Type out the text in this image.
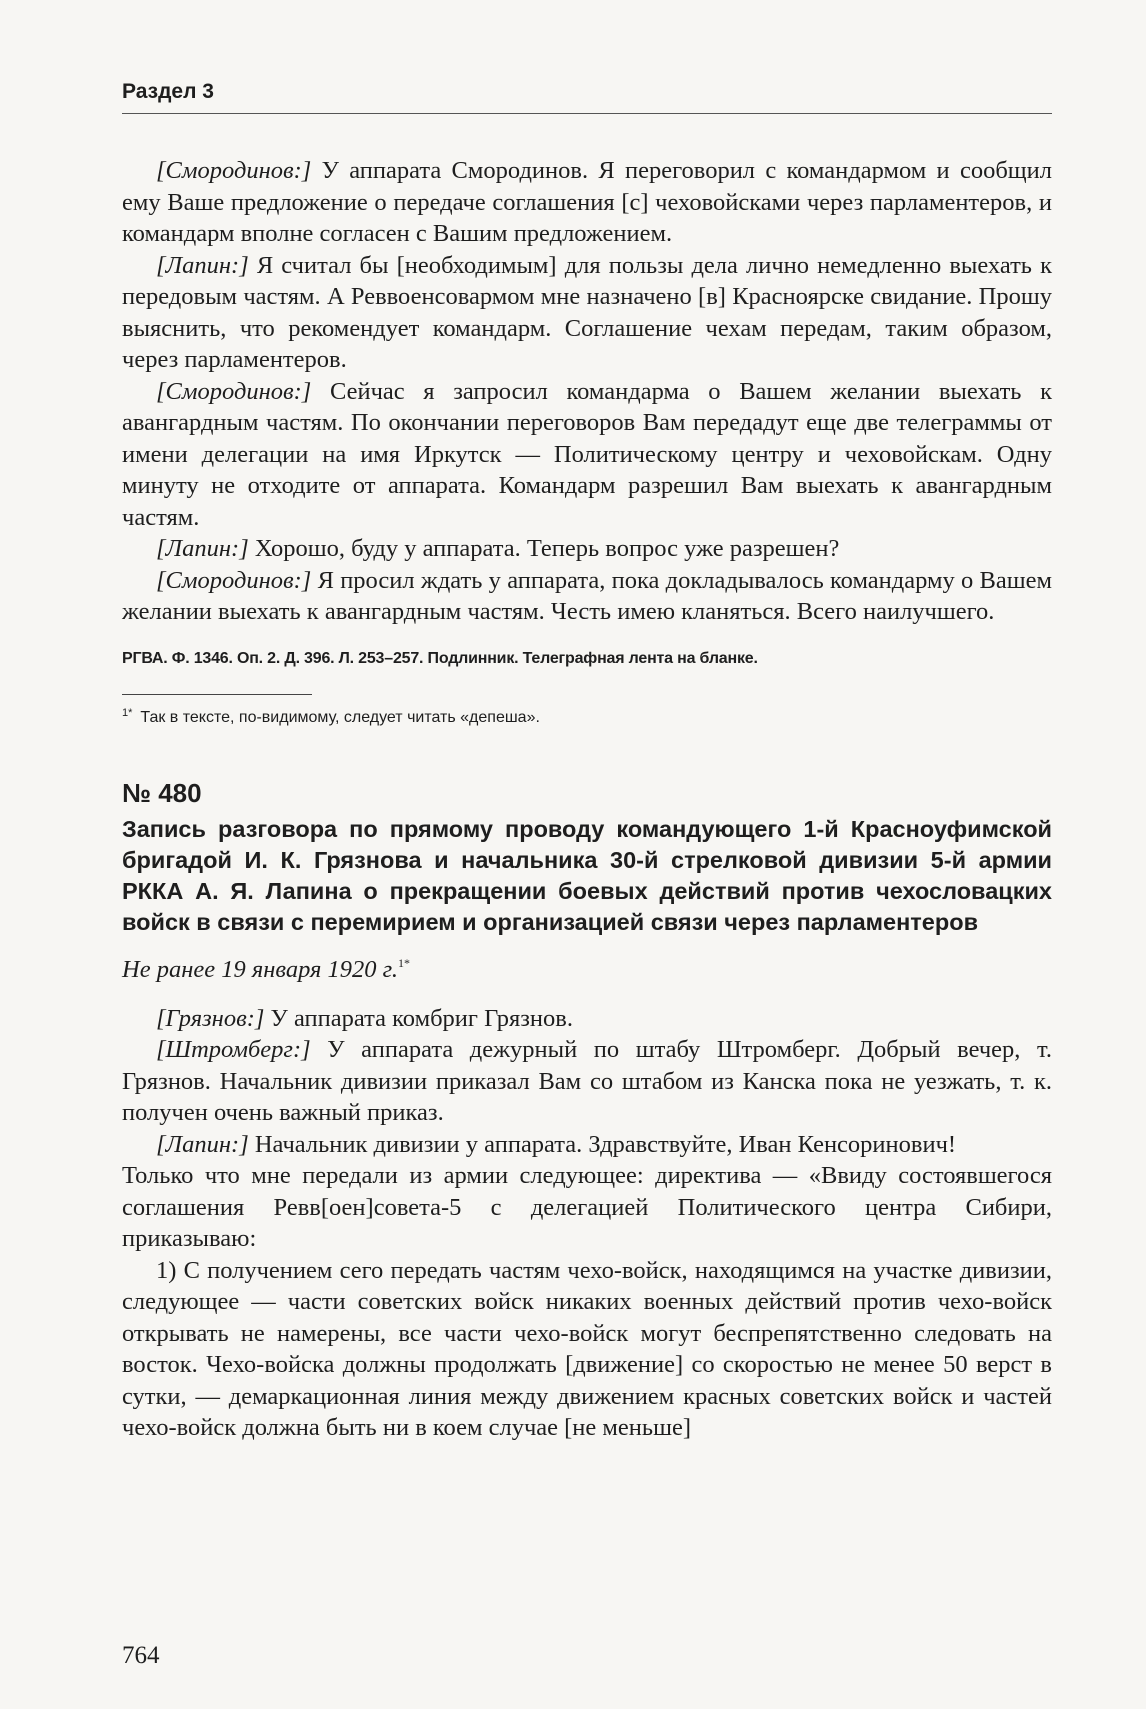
Раздел 3

[Смородинов:] У аппарата Смородинов. Я переговорил с командармом и сообщил ему Ваше предложение о передаче соглашения [с] чеховойсками через парламентеров, и командарм вполне согласен с Вашим предложением.

[Лапин:] Я считал бы [необходимым] для пользы дела лично немедленно выехать к передовым частям. А Реввоенсовармом мне назначено [в] Красноярске свидание. Прошу выяснить, что рекомендует командарм. Соглашение чехам передам, таким образом, через парламентеров.

[Смородинов:] Сейчас я запросил командарма о Вашем желании выехать к авангардным частям. По окончании переговоров Вам передадут еще две телеграммы от имени делегации на имя Иркутск — Политическому центру и чеховойскам. Одну минуту не отходите от аппарата. Командарм разрешил Вам выехать к авангардным частям.

[Лапин:] Хорошо, буду у аппарата. Теперь вопрос уже разрешен?

[Смородинов:] Я просил ждать у аппарата, пока докладывалось командарму о Вашем желании выехать к авангардным частям. Честь имею кланяться. Всего наилучшего.

РГВА. Ф. 1346. Оп. 2. Д. 396. Л. 253–257. Подлинник. Телеграфная лента на бланке.

$^{1*}$ Так в тексте, по-видимому, следует читать «депеша».

№ 480
Запись разговора по прямому проводу командующего 1-й Красноуфимской бригадой И. К. Грязнова и начальника 30-й стрелковой дивизии 5-й армии РККА А. Я. Лапина о прекращении боевых действий против чехословацких войск в связи с перемирием и организацией связи через парламентеров
Не ранее 19 января 1920 г.$^{1*}$

[Грязнов:] У аппарата комбриг Грязнов.

[Штромберг:] У аппарата дежурный по штабу Штромберг. Добрый вечер, т. Грязнов. Начальник дивизии приказал Вам со штабом из Канска пока не уезжать, т. к. получен очень важный приказ.

[Лапин:] Начальник дивизии у аппарата. Здравствуйте, Иван Кенсоринович!

Только что мне передали из армии следующее: директива — «Ввиду состоявшегося соглашения Ревв[оен]совета-5 с делегацией Политического центра Сибири, приказываю:

1) С получением сего передать частям чехо-войск, находящимся на участке дивизии, следующее — части советских войск никаких военных действий против чехо-войск открывать не намерены, все части чехо-войск могут беспрепятственно следовать на восток. Чехо-войска должны продолжать [движение] со скоростью не менее 50 верст в сутки, — демаркационная линия между движением красных советских войск и частей чехо-войск должна быть ни в коем случае [не меньше]

764
